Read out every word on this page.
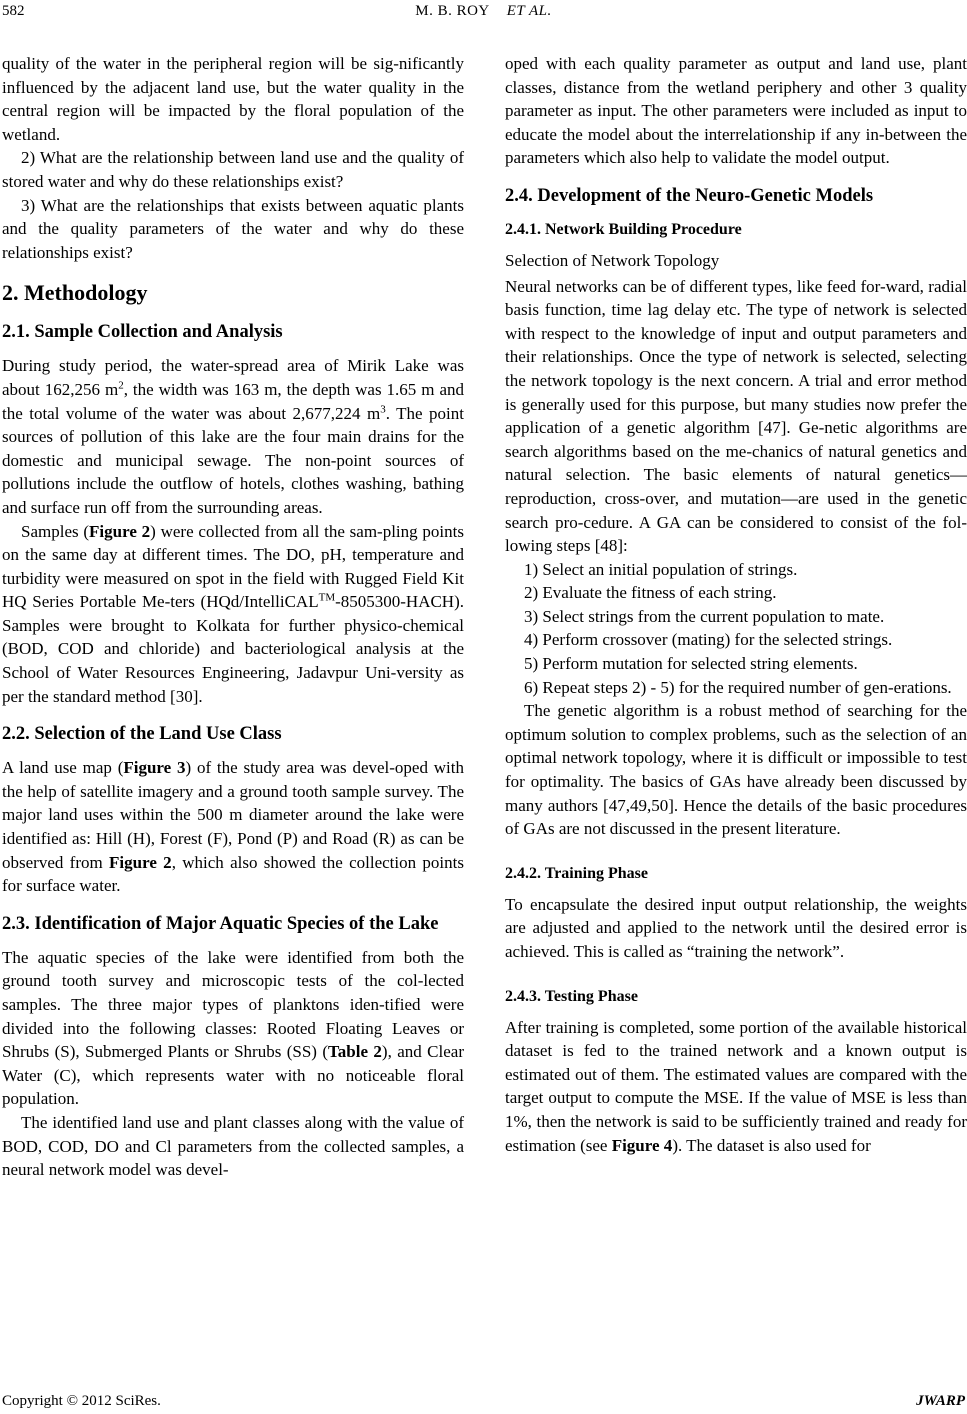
582	M. B. ROY ET AL.

quality of the water in the peripheral region will be sig-nificantly influenced by the adjacent land use, but the water quality in the central region will be impacted by the floral population of the wetland.

2) What are the relationship between land use and the quality of stored water and why do these relationships exist?

3) What are the relationships that exists between aquatic plants and the quality parameters of the water and why do these relationships exist?

2. Methodology
2.1. Sample Collection and Analysis

During study period, the water-spread area of Mirik Lake was about 162,256 $m^2$, the width was 163 m, the depth was 1.65 m and the total volume of the water was about 2,677,224 $m^3$. The point sources of pollution of this lake are the four main drains for the domestic and municipal sewage. The non-point sources of pollutions include the outflow of hotels, clothes washing, bathing and surface run off from the surrounding areas.

Samples (Figure 2) were collected from all the sam-pling points on the same day at different times. The DO, pH, temperature and turbidity were measured on spot in the field with Rugged Field Kit HQ Series Portable Me-ters (HQd/IntelliCAL™-8505300-HACH). Samples were brought to Kolkata for further physico-chemical (BOD, COD and chloride) and bacteriological analysis at the School of Water Resources Engineering, Jadavpur Uni-versity as per the standard method [30].

2.2. Selection of the Land Use Class

A land use map (Figure 3) of the study area was devel-oped with the help of satellite imagery and a ground tooth sample survey. The major land uses within the 500 m diameter around the lake were identified as: Hill (H), Forest (F), Pond (P) and Road (R) as can be observed from Figure 2, which also showed the collection points for surface water.

2.3. Identification of Major Aquatic Species of the Lake

The aquatic species of the lake were identified from both the ground tooth survey and microscopic tests of the col-lected samples. The three major types of planktons iden-tified were divided into the following classes: Rooted Floating Leaves or Shrubs (S), Submerged Plants or Shrubs (SS) (Table 2), and Clear Water (C), which represents water with no noticeable floral population.

The identified land use and plant classes along with the value of BOD, COD, DO and Cl parameters from the collected samples, a neural network model was devel-

oped with each quality parameter as output and land use, plant classes, distance from the wetland periphery and other 3 quality parameter as input. The other parameters were included as input to educate the model about the interrelationship if any in-between the parameters which also help to validate the model output.

2.4. Development of the Neuro-Genetic Models
2.4.1. Network Building Procedure

Selection of Network Topology

Neural networks can be of different types, like feed for-ward, radial basis function, time lag delay etc. The type of network is selected with respect to the knowledge of input and output parameters and their relationships. Once the type of network is selected, selecting the network topology is the next concern. A trial and error method is generally used for this purpose, but many studies now prefer the application of a genetic algorithm [47]. Ge-netic algorithms are search algorithms based on the me-chanics of natural genetics and natural selection. The basic elements of natural genetics—reproduction, cross-over, and mutation—are used in the genetic search pro-cedure. A GA can be considered to consist of the fol-lowing steps [48]:

1) Select an initial population of strings.

2) Evaluate the fitness of each string.

3) Select strings from the current population to mate.

4) Perform crossover (mating) for the selected strings.

5) Perform mutation for selected string elements.

6) Repeat steps 2) - 5) for the required number of gen-erations.

The genetic algorithm is a robust method of searching for the optimum solution to complex problems, such as the selection of an optimal network topology, where it is difficult or impossible to test for optimality. The basics of GAs have already been discussed by many authors [47,49,50]. Hence the details of the basic procedures of GAs are not discussed in the present literature.

2.4.2. Training Phase

To encapsulate the desired input output relationship, the weights are adjusted and applied to the network until the desired error is achieved. This is called as “training the network”.

2.4.3. Testing Phase

After training is completed, some portion of the available historical dataset is fed to the trained network and a known output is estimated out of them. The estimated values are compared with the target output to compute the MSE. If the value of MSE is less than 1%, then the network is said to be sufficiently trained and ready for estimation (see Figure 4). The dataset is also used for

Copyright © 2012 SciRes.	JWARP
